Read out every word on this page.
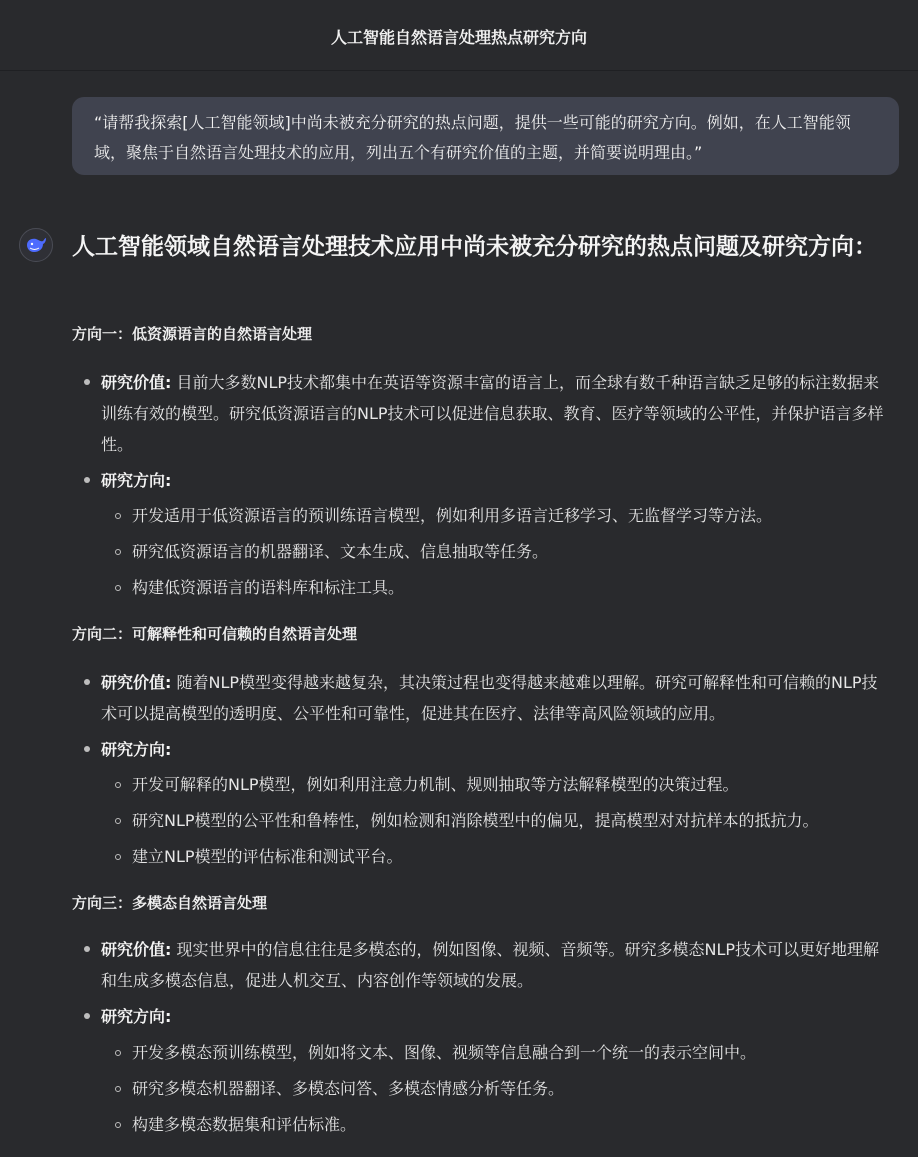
人工智能自然语言处理热点研究方向
“请帮我探索[人工智能领域]中尚未被充分研究的热点问题，提供一些可能的研究方向。例如，在人工智能领域，聚焦于自然语言处理技术的应用，列出五个有研究价值的主题，并简要说明理由。”
人工智能领域自然语言处理技术应用中尚未被充分研究的热点问题及研究方向：
方向一：低资源语言的自然语言处理
研究价值: 目前大多数NLP技术都集中在英语等资源丰富的语言上，而全球有数千种语言缺乏足够的标注数据来训练有效的模型。研究低资源语言的NLP技术可以促进信息获取、教育、医疗等领域的公平性，并保护语言多样性。
研究方向:
开发适用于低资源语言的预训练语言模型，例如利用多语言迁移学习、无监督学习等方法。
研究低资源语言的机器翻译、文本生成、信息抽取等任务。
构建低资源语言的语料库和标注工具。
方向二：可解释性和可信赖的自然语言处理
研究价值: 随着NLP模型变得越来越复杂，其决策过程也变得越来越难以理解。研究可解释性和可信赖的NLP技术可以提高模型的透明度、公平性和可靠性，促进其在医疗、法律等高风险领域的应用。
研究方向:
开发可解释的NLP模型，例如利用注意力机制、规则抽取等方法解释模型的决策过程。
研究NLP模型的公平性和鲁棒性，例如检测和消除模型中的偏见，提高模型对对抗样本的抵抗力。
建立NLP模型的评估标准和测试平台。
方向三：多模态自然语言处理
研究价值: 现实世界中的信息往往是多模态的，例如图像、视频、音频等。研究多模态NLP技术可以更好地理解和生成多模态信息，促进人机交互、内容创作等领域的发展。
研究方向:
开发多模态预训练模型，例如将文本、图像、视频等信息融合到一个统一的表示空间中。
研究多模态机器翻译、多模态问答、多模态情感分析等任务。
构建多模态数据集和评估标准。
